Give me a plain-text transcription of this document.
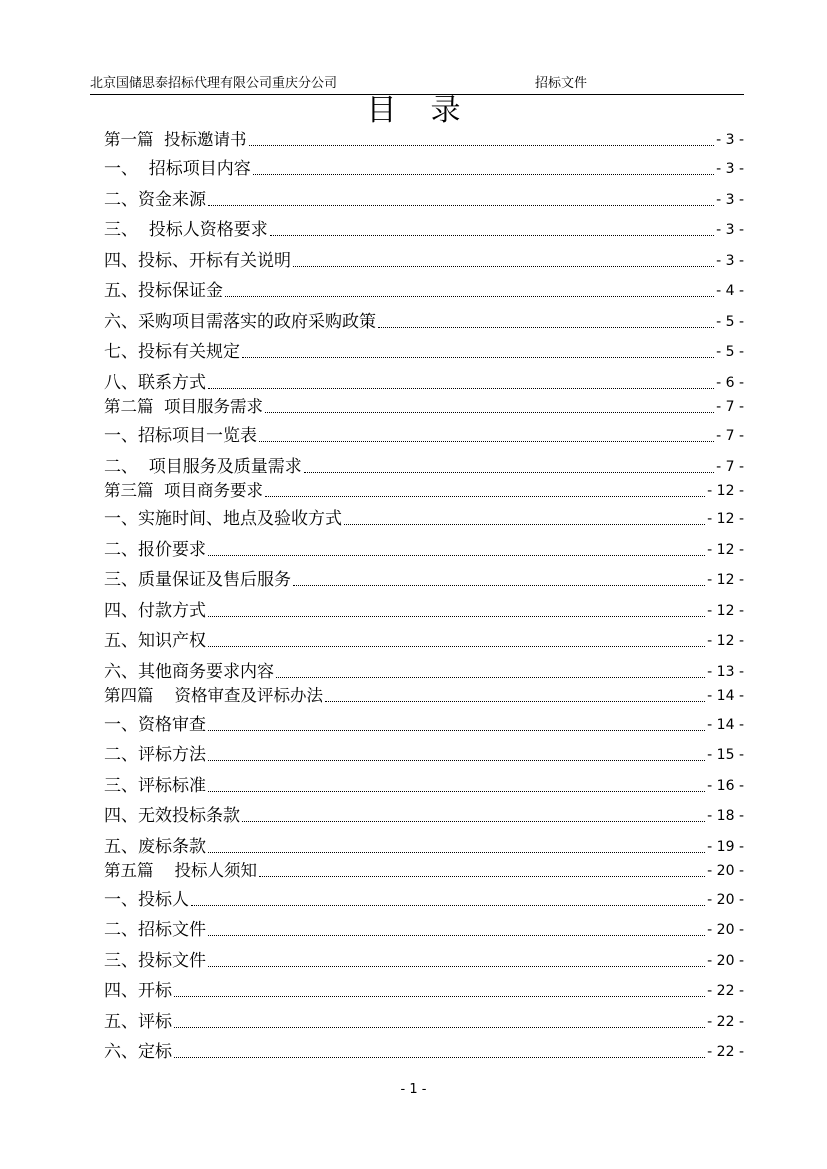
北京国储思泰招标代理有限公司重庆分公司	招标文件
目录
第一篇  投标邀请书	- 3 -
一、  招标项目内容	- 3 -
二、资金来源	- 3 -
三、  投标人资格要求	- 3 -
四、投标、开标有关说明	- 3 -
五、投标保证金	- 4 -
六、采购项目需落实的政府采购政策	- 5 -
七、投标有关规定	- 5 -
八、联系方式	- 6 -
第二篇  项目服务需求	- 7 -
一、招标项目一览表	- 7 -
二、  项目服务及质量需求	- 7 -
第三篇  项目商务要求	- 12 -
一、实施时间、地点及验收方式	- 12 -
二、报价要求	- 12 -
三、质量保证及售后服务	- 12 -
四、付款方式	- 12 -
五、知识产权	- 12 -
六、其他商务要求内容	- 13 -
第四篇    资格审查及评标办法	- 14 -
一、资格审查	- 14 -
二、评标方法	- 15 -
三、评标标准	- 16 -
四、无效投标条款	- 18 -
五、废标条款	- 19 -
第五篇    投标人须知	- 20 -
一、投标人	- 20 -
二、招标文件	- 20 -
三、投标文件	- 20 -
四、开标	- 22 -
五、评标	- 22 -
六、定标	- 22 -
- 1 -
